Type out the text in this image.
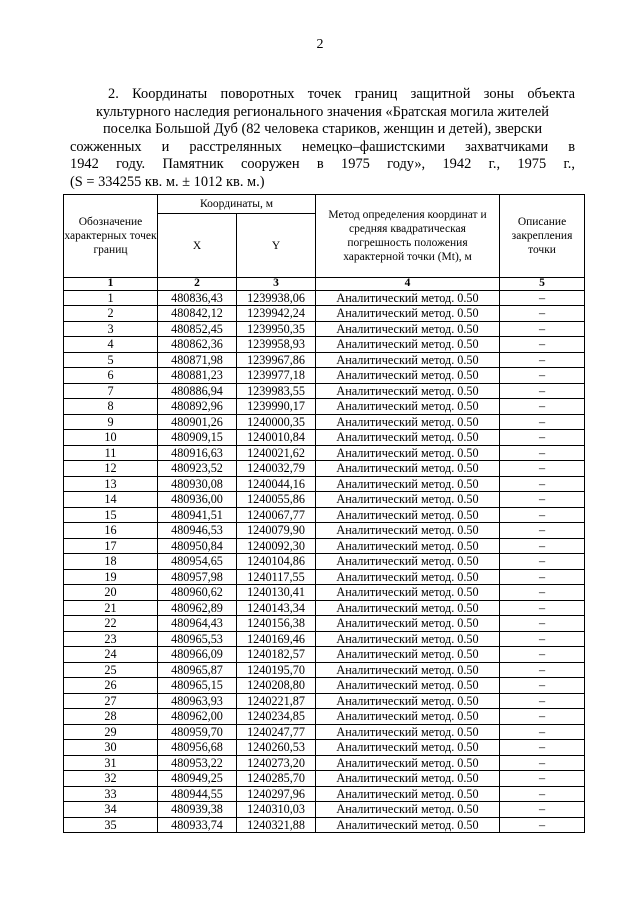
2
2. Координаты поворотных точек границ защитной зоны объекта
культурного наследия регионального значения «Братская могила жителей
поселка Большой Дуб (82 человека стариков, женщин и детей), зверски
сожженных и расстрелянных немецко–фашистскими захватчиками в
1942 году. Памятник сооружен в 1975 году», 1942 г., 1975 г.,
(S = 334255 кв. м. ± 1012 кв. м.)
Обозначение характерных точек границ	Координаты, м		Метод определения координат и средняя квадратическая погрешность положения характерной точки (Mt), м	Описание закрепления точки
	X	Y		
1	2	3	4	5
1	480836,43	1239938,06	Аналитический метод. 0.50	–
2	480842,12	1239942,24	Аналитический метод. 0.50	–
3	480852,45	1239950,35	Аналитический метод. 0.50	–
4	480862,36	1239958,93	Аналитический метод. 0.50	–
5	480871,98	1239967,86	Аналитический метод. 0.50	–
6	480881,23	1239977,18	Аналитический метод. 0.50	–
7	480886,94	1239983,55	Аналитический метод. 0.50	–
8	480892,96	1239990,17	Аналитический метод. 0.50	–
9	480901,26	1240000,35	Аналитический метод. 0.50	–
10	480909,15	1240010,84	Аналитический метод. 0.50	–
11	480916,63	1240021,62	Аналитический метод. 0.50	–
12	480923,52	1240032,79	Аналитический метод. 0.50	–
13	480930,08	1240044,16	Аналитический метод. 0.50	–
14	480936,00	1240055,86	Аналитический метод. 0.50	–
15	480941,51	1240067,77	Аналитический метод. 0.50	–
16	480946,53	1240079,90	Аналитический метод. 0.50	–
17	480950,84	1240092,30	Аналитический метод. 0.50	–
18	480954,65	1240104,86	Аналитический метод. 0.50	–
19	480957,98	1240117,55	Аналитический метод. 0.50	–
20	480960,62	1240130,41	Аналитический метод. 0.50	–
21	480962,89	1240143,34	Аналитический метод. 0.50	–
22	480964,43	1240156,38	Аналитический метод. 0.50	–
23	480965,53	1240169,46	Аналитический метод. 0.50	–
24	480966,09	1240182,57	Аналитический метод. 0.50	–
25	480965,87	1240195,70	Аналитический метод. 0.50	–
26	480965,15	1240208,80	Аналитический метод. 0.50	–
27	480963,93	1240221,87	Аналитический метод. 0.50	–
28	480962,00	1240234,85	Аналитический метод. 0.50	–
29	480959,70	1240247,77	Аналитический метод. 0.50	–
30	480956,68	1240260,53	Аналитический метод. 0.50	–
31	480953,22	1240273,20	Аналитический метод. 0.50	–
32	480949,25	1240285,70	Аналитический метод. 0.50	–
33	480944,55	1240297,96	Аналитический метод. 0.50	–
34	480939,38	1240310,03	Аналитический метод. 0.50	–
35	480933,74	1240321,88	Аналитический метод. 0.50	–
